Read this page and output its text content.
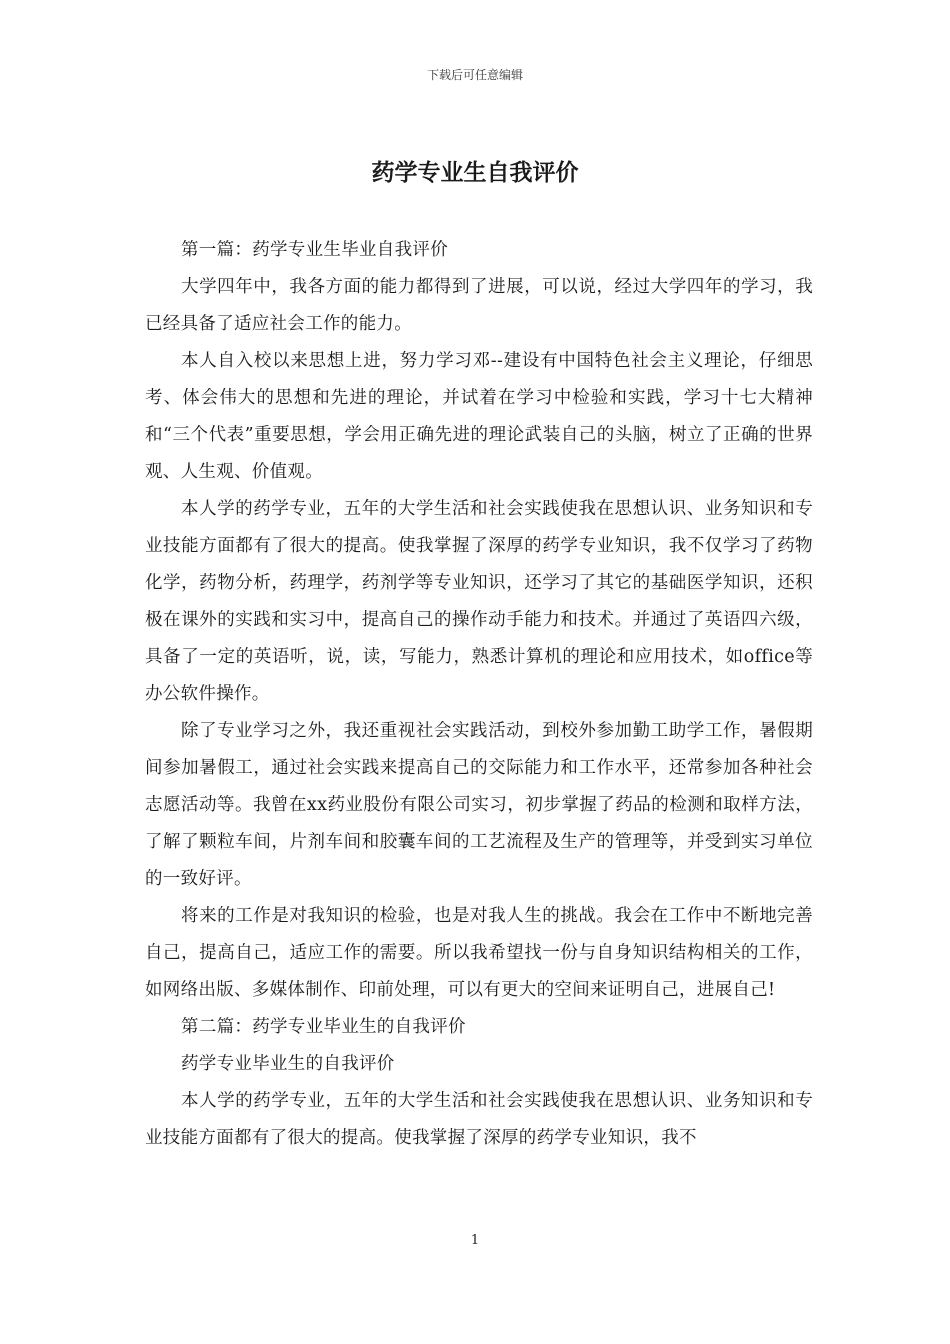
下载后可任意编辑
药学专业生自我评价

第一篇：药学专业生毕业自我评价

大学四年中，我各方面的能力都得到了进展，可以说，经过大学四年的学习，我已经具备了适应社会工作的能力。

本人自入校以来思想上进，努力学习邓--建设有中国特色社会主义理论，仔细思考、体会伟大的思想和先进的理论，并试着在学习中检验和实践，学习十七大精神和“三个代表”重要思想，学会用正确先进的理论武装自己的头脑，树立了正确的世界观、人生观、价值观。

本人学的药学专业，五年的大学生活和社会实践使我在思想认识、业务知识和专业技能方面都有了很大的提高。使我掌握了深厚的药学专业知识，我不仅学习了药物化学，药物分析，药理学，药剂学等专业知识，还学习了其它的基础医学知识，还积极在课外的实践和实习中，提高自己的操作动手能力和技术。并通过了英语四六级，具备了一定的英语听，说，读，写能力，熟悉计算机的理论和应用技术，如office等办公软件操作。

除了专业学习之外，我还重视社会实践活动，到校外参加勤工助学工作，暑假期间参加暑假工，通过社会实践来提高自己的交际能力和工作水平，还常参加各种社会志愿活动等。我曾在xx药业股份有限公司实习，初步掌握了药品的检测和取样方法，了解了颗粒车间，片剂车间和胶囊车间的工艺流程及生产的管理等，并受到实习单位的一致好评。

将来的工作是对我知识的检验，也是对我人生的挑战。我会在工作中不断地完善自己，提高自己，适应工作的需要。所以我希望找一份与自身知识结构相关的工作，如网络出版、多媒体制作、印前处理，可以有更大的空间来证明自己，进展自己!

第二篇：药学专业毕业生的自我评价

药学专业毕业生的自我评价

本人学的药学专业，五年的大学生活和社会实践使我在思想认识、业务知识和专业技能方面都有了很大的提高。使我掌握了深厚的药学专业知识，我不

1
